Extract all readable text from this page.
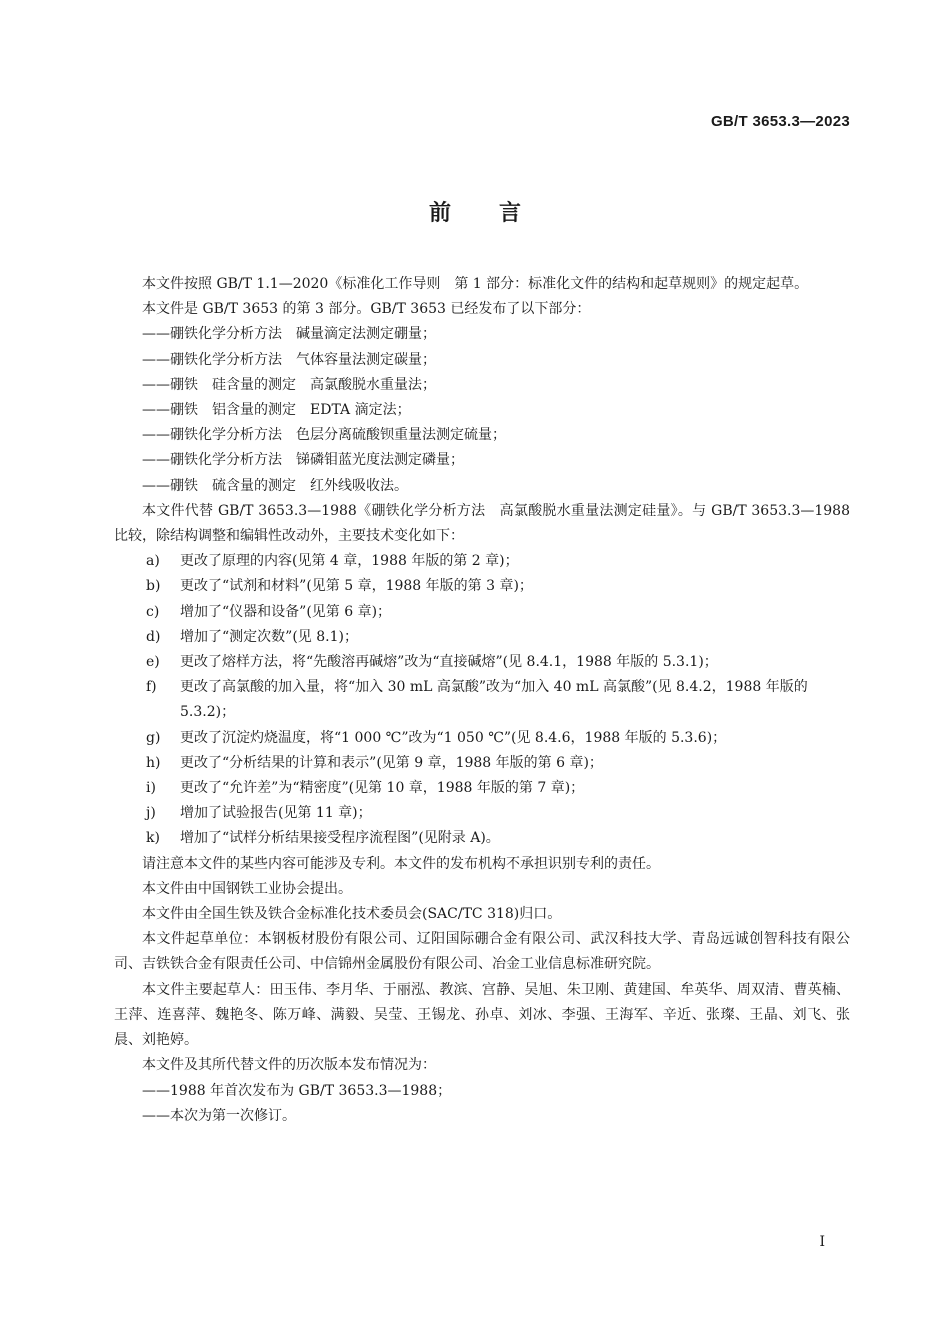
GB/T 3653.3—2023
前 言

本文件按照 GB/T 1.1—2020《标准化工作导则　第 1 部分：标准化文件的结构和起草规则》的规定起草。

本文件是 GB/T 3653 的第 3 部分。GB/T 3653 已经发布了以下部分：

——硼铁化学分析方法　碱量滴定法测定硼量；

——硼铁化学分析方法　气体容量法测定碳量；

——硼铁　硅含量的测定　高氯酸脱水重量法；

——硼铁　铝含量的测定　EDTA 滴定法；

——硼铁化学分析方法　色层分离硫酸钡重量法测定硫量；

——硼铁化学分析方法　锑磷钼蓝光度法测定磷量；

——硼铁　硫含量的测定　红外线吸收法。

本文件代替 GB/T 3653.3—1988《硼铁化学分析方法　高氯酸脱水重量法测定硅量》。与 GB/T 3653.3—1988 比较，除结构调整和编辑性改动外，主要技术变化如下：

a) 更改了原理的内容(见第 4 章，1988 年版的第 2 章)；

b) 更改了“试剂和材料”(见第 5 章，1988 年版的第 3 章)；

c) 增加了“仪器和设备”(见第 6 章)；

d) 增加了“测定次数”(见 8.1)；

e) 更改了熔样方法，将“先酸溶再碱熔”改为“直接碱熔”(见 8.4.1，1988 年版的 5.3.1)；

f) 更改了高氯酸的加入量，将“加入 30 mL 高氯酸”改为“加入 40 mL 高氯酸”(见 8.4.2，1988 年版的 5.3.2)；

g) 更改了沉淀灼烧温度，将“1 000 ℃”改为“1 050 ℃”(见 8.4.6，1988 年版的 5.3.6)；

h) 更改了“分析结果的计算和表示”(见第 9 章，1988 年版的第 6 章)；

i) 更改了“允许差”为“精密度”(见第 10 章，1988 年版的第 7 章)；

j) 增加了试验报告(见第 11 章)；

k) 增加了“试样分析结果接受程序流程图”(见附录 A)。

请注意本文件的某些内容可能涉及专利。本文件的发布机构不承担识别专利的责任。

本文件由中国钢铁工业协会提出。

本文件由全国生铁及铁合金标准化技术委员会(SAC/TC 318)归口。

本文件起草单位：本钢板材股份有限公司、辽阳国际硼合金有限公司、武汉科技大学、青岛远诚创智科技有限公司、吉铁铁合金有限责任公司、中信锦州金属股份有限公司、冶金工业信息标准研究院。

本文件主要起草人：田玉伟、李月华、于丽泓、教滨、宫静、吴旭、朱卫刚、黄建国、牟英华、周双清、曹英楠、王萍、连喜萍、魏艳冬、陈万峰、满毅、吴莹、王锡龙、孙卓、刘冰、李强、王海军、辛近、张璨、王晶、刘飞、张晨、刘艳婷。

本文件及其所代替文件的历次版本发布情况为：

——1988 年首次发布为 GB/T 3653.3—1988；

——本次为第一次修订。

I
